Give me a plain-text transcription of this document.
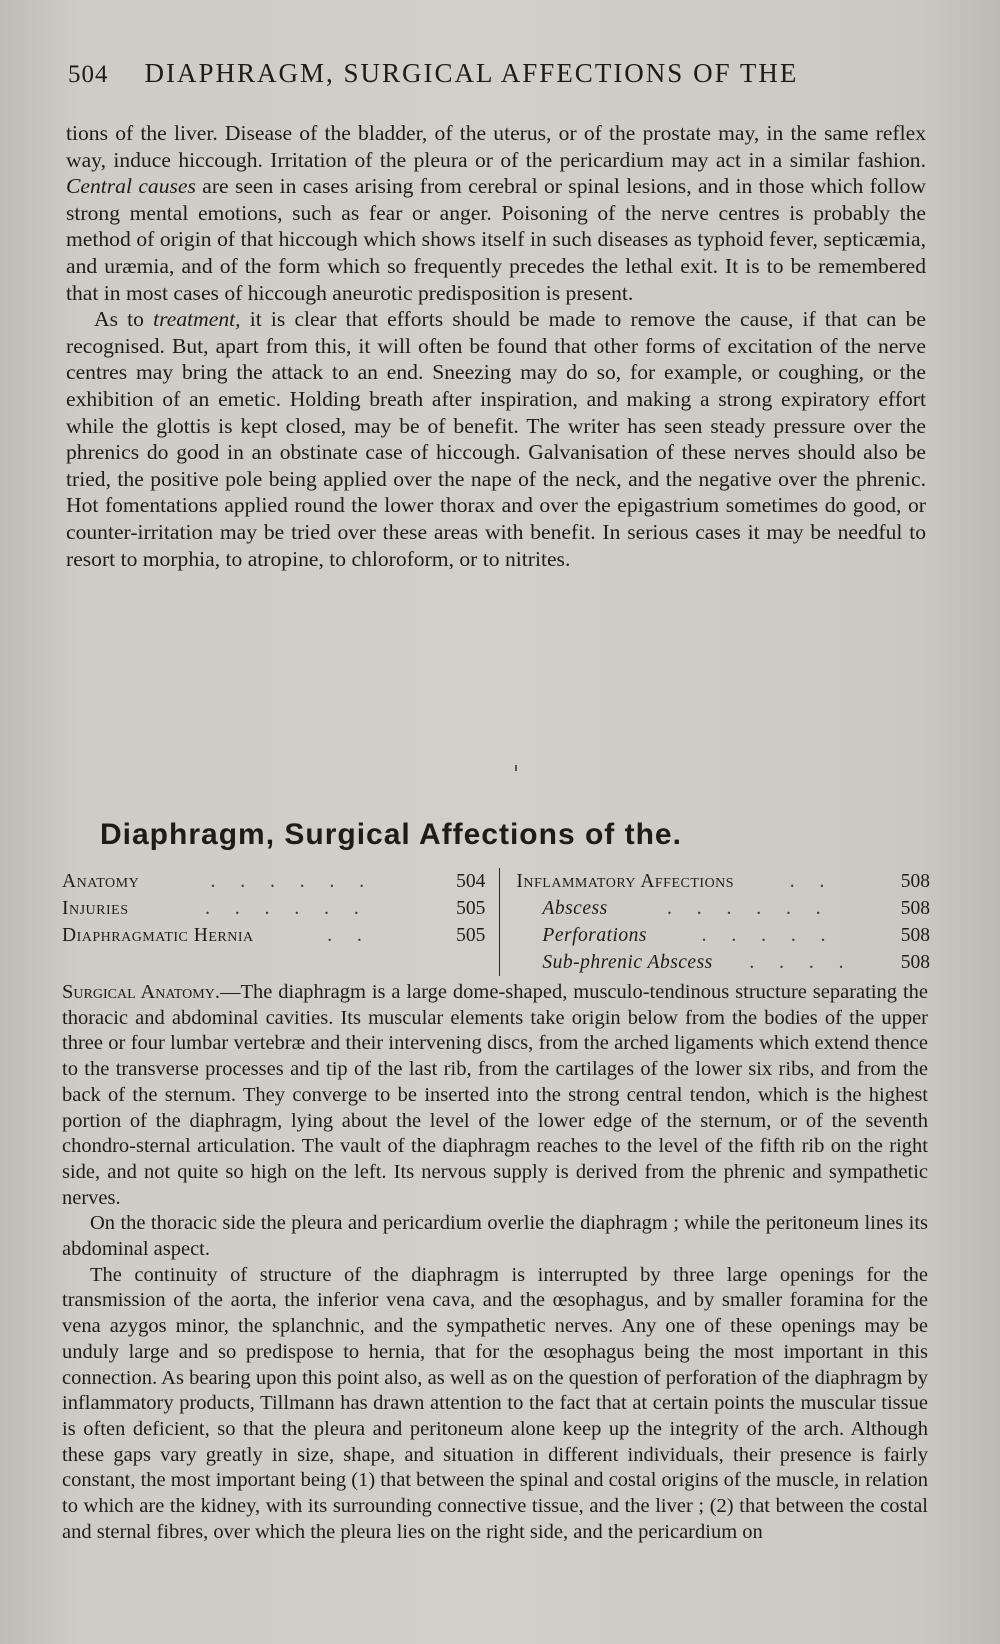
504 DIAPHRAGM, SURGICAL AFFECTIONS OF THE

tions of the liver. Disease of the bladder, of the uterus, or of the prostate may, in the same reflex way, induce hiccough. Irritation of the pleura or of the pericardium may act in a similar fashion. Central causes are seen in cases arising from cerebral or spinal lesions, and in those which follow strong mental emotions, such as fear or anger. Poisoning of the nerve centres is probably the method of origin of that hiccough which shows itself in such diseases as typhoid fever, septicæmia, and uræmia, and of the form which so frequently precedes the lethal exit. It is to be remembered that in most cases of hiccough aneurotic predisposition is present.

As to treatment, it is clear that efforts should be made to remove the cause, if that can be recognised. But, apart from this, it will often be found that other forms of excitation of the nerve centres may bring the attack to an end. Sneezing may do so, for example, or coughing, or the exhibition of an emetic. Holding breath after inspiration, and making a strong expiratory effort while the glottis is kept closed, may be of benefit. The writer has seen steady pressure over the phrenics do good in an obstinate case of hiccough. Galvanisation of these nerves should also be tried, the positive pole being applied over the nape of the neck, and the negative over the phrenic. Hot fomentations applied round the lower thorax and over the epigastrium sometimes do good, or counter-irritation may be tried over these areas with benefit. In serious cases it may be needful to resort to morphia, to atropine, to chloroform, or to nitrites.

Diaphragm, Surgical Affections of the.
Anatomy	. . . . . .	504
Injuries	. . . . . .	505
Diaphragmatic Hernia	. .	505
Inflammatory Affections	. .	508
Abscess	. . . . . .	508
Perforations	. . . . .	508
Sub-phrenic Abscess	. . . .	508

Surgical Anatomy.—The diaphragm is a large dome-shaped, musculo-tendinous structure separating the thoracic and abdominal cavities. Its muscular elements take origin below from the bodies of the upper three or four lumbar vertebræ and their intervening discs, from the arched ligaments which extend thence to the transverse processes and tip of the last rib, from the cartilages of the lower six ribs, and from the back of the sternum. They converge to be inserted into the strong central tendon, which is the highest portion of the diaphragm, lying about the level of the lower edge of the sternum, or of the seventh chondro-sternal articulation. The vault of the diaphragm reaches to the level of the fifth rib on the right side, and not quite so high on the left. Its nervous supply is derived from the phrenic and sympathetic nerves.

On the thoracic side the pleura and pericardium overlie the diaphragm ; while the peritoneum lines its abdominal aspect.

The continuity of structure of the diaphragm is interrupted by three large openings for the transmission of the aorta, the inferior vena cava, and the œsophagus, and by smaller foramina for the vena azygos minor, the splanchnic, and the sympathetic nerves. Any one of these openings may be unduly large and so predispose to hernia, that for the œsophagus being the most important in this connection. As bearing upon this point also, as well as on the question of perforation of the diaphragm by inflammatory products, Tillmann has drawn attention to the fact that at certain points the muscular tissue is often deficient, so that the pleura and peritoneum alone keep up the integrity of the arch. Although these gaps vary greatly in size, shape, and situation in different individuals, their presence is fairly constant, the most important being (1) that between the spinal and costal origins of the muscle, in relation to which are the kidney, with its surrounding connective tissue, and the liver ; (2) that between the costal and sternal fibres, over which the pleura lies on the right side, and the pericardium on
